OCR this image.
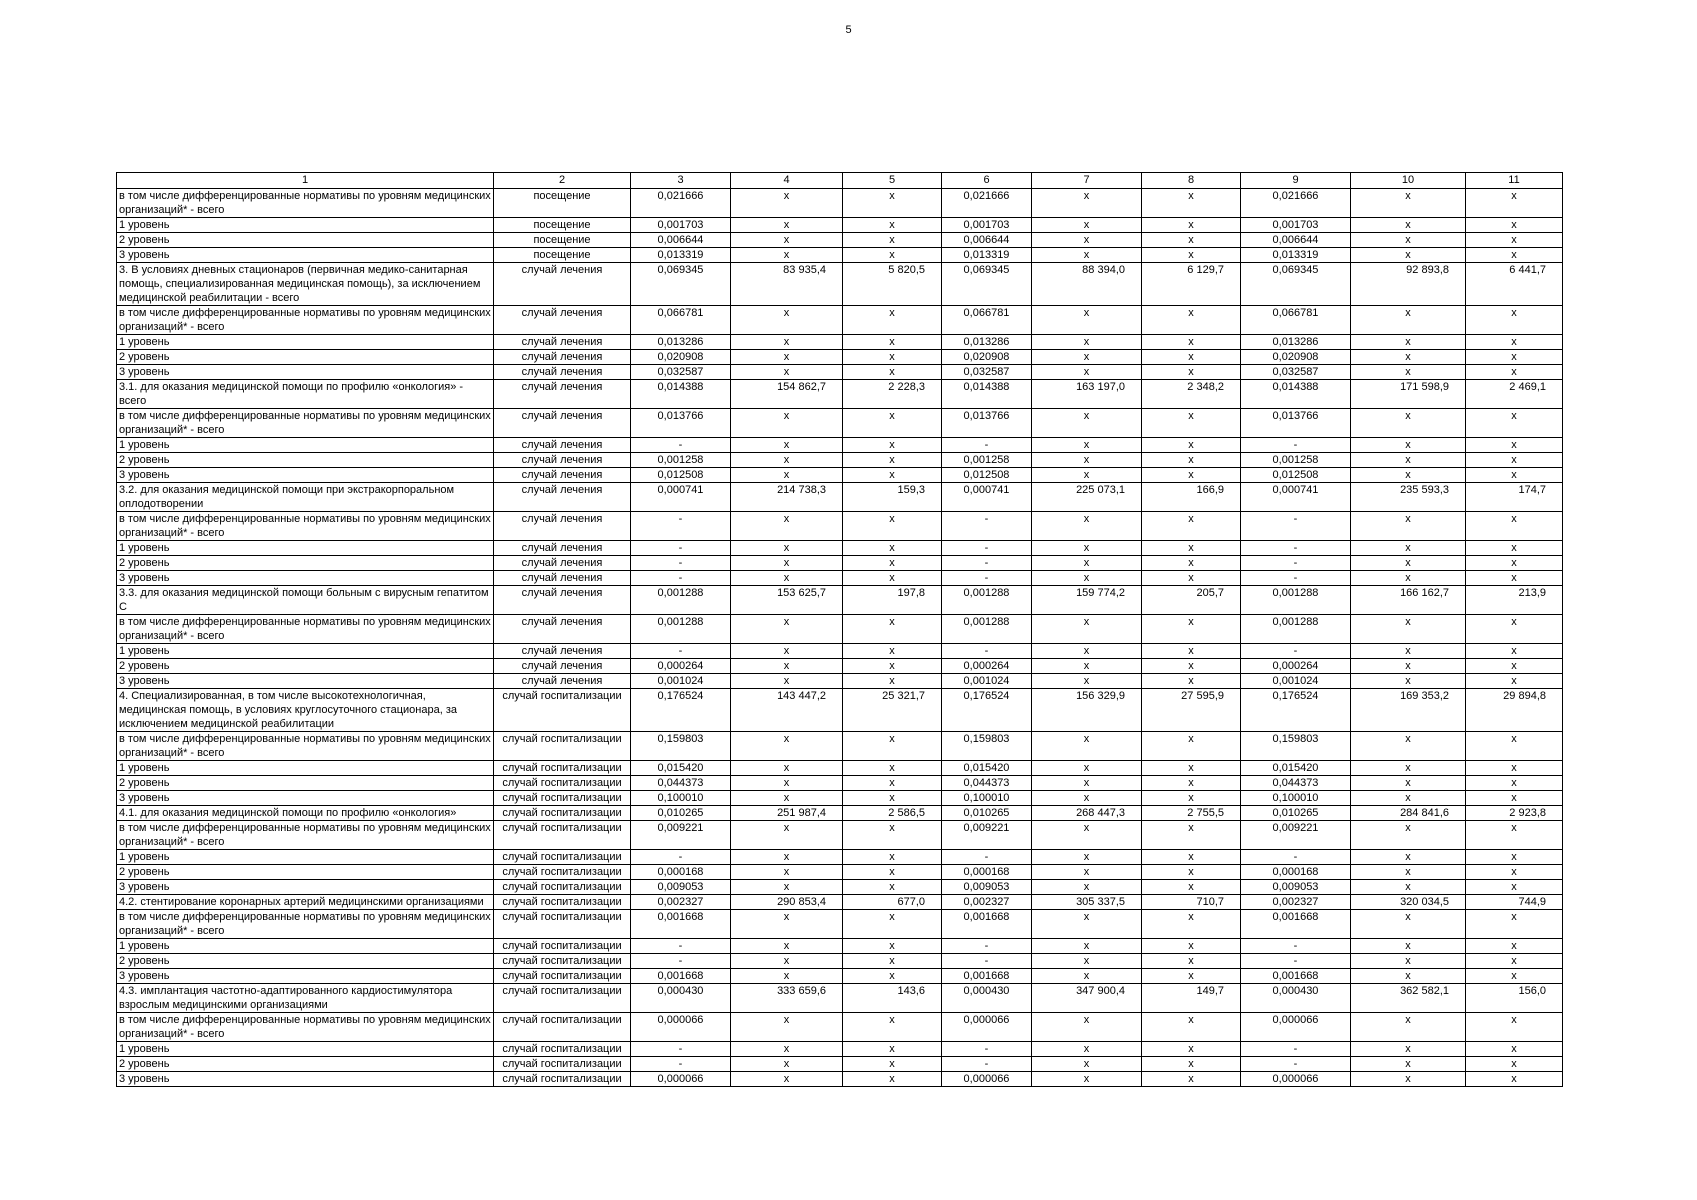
5
1	2	3	4	5	6	7	8	9	10	11
в том числе дифференцированные нормативы по уровням медицинских организаций* - всего	посещение	0,021666	х	х	0,021666	х	х	0,021666	х	х
1 уровень	посещение	0,001703	х	х	0,001703	х	х	0,001703	х	х
2 уровень	посещение	0,006644	х	х	0,006644	х	х	0,006644	х	х
3 уровень	посещение	0,013319	х	х	0,013319	х	х	0,013319	х	х
3. В условиях дневных стационаров (первичная медико-санитарная помощь, специализированная медицинская помощь), за исключением медицинской реабилитации - всего	случай лечения	0,069345	83 935,4	5 820,5	0,069345	88 394,0	6 129,7	0,069345	92 893,8	6 441,7
в том числе дифференцированные нормативы по уровням медицинских организаций* - всего	случай лечения	0,066781	х	х	0,066781	х	х	0,066781	х	х
1 уровень	случай лечения	0,013286	х	х	0,013286	х	х	0,013286	х	х
2 уровень	случай лечения	0,020908	х	х	0,020908	х	х	0,020908	х	х
3 уровень	случай лечения	0,032587	х	х	0,032587	х	х	0,032587	х	х
3.1. для оказания медицинской помощи по профилю «онкология» - всего	случай лечения	0,014388	154 862,7	2 228,3	0,014388	163 197,0	2 348,2	0,014388	171 598,9	2 469,1
в том числе дифференцированные нормативы по уровням медицинских организаций* - всего	случай лечения	0,013766	х	х	0,013766	х	х	0,013766	х	х
1 уровень	случай лечения	-	х	х	-	х	х	-	х	х
2 уровень	случай лечения	0,001258	х	х	0,001258	х	х	0,001258	х	х
3 уровень	случай лечения	0,012508	х	х	0,012508	х	х	0,012508	х	х
3.2. для оказания медицинской помощи при экстракорпоральном оплодотворении	случай лечения	0,000741	214 738,3	159,3	0,000741	225 073,1	166,9	0,000741	235 593,3	174,7
в том числе дифференцированные нормативы по уровням медицинских организаций* - всего	случай лечения	-	х	х	-	х	х	-	х	х
1 уровень	случай лечения	-	х	х	-	х	х	-	х	х
2 уровень	случай лечения	-	х	х	-	х	х	-	х	х
3 уровень	случай лечения	-	х	х	-	х	х	-	х	х
3.3. для оказания медицинской помощи больным с вирусным гепатитом С	случай лечения	0,001288	153 625,7	197,8	0,001288	159 774,2	205,7	0,001288	166 162,7	213,9
в том числе дифференцированные нормативы по уровням медицинских организаций* - всего	случай лечения	0,001288	х	х	0,001288	х	х	0,001288	х	х
1 уровень	случай лечения	-	х	х	-	х	х	-	х	х
2 уровень	случай лечения	0,000264	х	х	0,000264	х	х	0,000264	х	х
3 уровень	случай лечения	0,001024	х	х	0,001024	х	х	0,001024	х	х
4. Специализированная, в том числе высокотехнологичная, медицинская помощь, в условиях круглосуточного стационара, за исключением медицинской реабилитации	случай госпитализации	0,176524	143 447,2	25 321,7	0,176524	156 329,9	27 595,9	0,176524	169 353,2	29 894,8
в том числе дифференцированные нормативы по уровням медицинских организаций* - всего	случай госпитализации	0,159803	х	х	0,159803	х	х	0,159803	х	х
1 уровень	случай госпитализации	0,015420	х	х	0,015420	х	х	0,015420	х	х
2 уровень	случай госпитализации	0,044373	х	х	0,044373	х	х	0,044373	х	х
3 уровень	случай госпитализации	0,100010	х	х	0,100010	х	х	0,100010	х	х
4.1. для оказания медицинской помощи по профилю «онкология»	случай госпитализации	0,010265	251 987,4	2 586,5	0,010265	268 447,3	2 755,5	0,010265	284 841,6	2 923,8
в том числе дифференцированные нормативы по уровням медицинских организаций* - всего	случай госпитализации	0,009221	х	х	0,009221	х	х	0,009221	х	х
1 уровень	случай госпитализации	-	х	х	-	х	х	-	х	х
2 уровень	случай госпитализации	0,000168	х	х	0,000168	х	х	0,000168	х	х
3 уровень	случай госпитализации	0,009053	х	х	0,009053	х	х	0,009053	х	х
4.2. стентирование коронарных артерий медицинскими организациями	случай госпитализации	0,002327	290 853,4	677,0	0,002327	305 337,5	710,7	0,002327	320 034,5	744,9
в том числе дифференцированные нормативы по уровням медицинских организаций* - всего	случай госпитализации	0,001668	х	х	0,001668	х	х	0,001668	х	х
1 уровень	случай госпитализации	-	х	х	-	х	х	-	х	х
2 уровень	случай госпитализации	-	х	х	-	х	х	-	х	х
3 уровень	случай госпитализации	0,001668	х	х	0,001668	х	х	0,001668	х	х
4.3. имплантация частотно-адаптированного кардиостимулятора взрослым медицинскими организациями	случай госпитализации	0,000430	333 659,6	143,6	0,000430	347 900,4	149,7	0,000430	362 582,1	156,0
в том числе дифференцированные нормативы по уровням медицинских организаций* - всего	случай госпитализации	0,000066	х	х	0,000066	х	х	0,000066	х	х
1 уровень	случай госпитализации	-	х	х	-	х	х	-	х	х
2 уровень	случай госпитализации	-	х	х	-	х	х	-	х	х
3 уровень	случай госпитализации	0,000066	х	х	0,000066	х	х	0,000066	х	х
